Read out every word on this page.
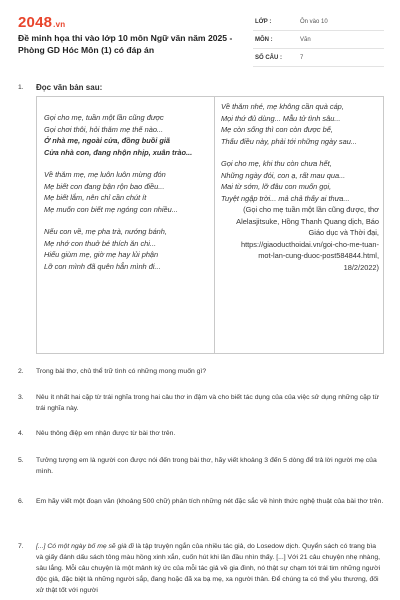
2048.vn
Đề minh họa thi vào lớp 10 môn Ngữ văn năm 2025 - Phòng GD Hóc Môn (1) có đáp án
LỚP :	Ôn vào 10
MÔN :	Văn
SỐ CÂU :	7
1. Đọc văn bản sau:
Gọi cho mẹ, tuần một lần cũng được
Gọi chơi thôi, hỏi thăm mẹ thế nào...
Ở nhà mẹ, ngoài cửa, đồng buồi giã
Cửa nhà con, đang nhộn nhịp, xuân trào...
Về thăm mẹ, mẹ luôn luôn mừng đón
Mẹ biết con đang bận rộn bao điều...
Mẹ biết lắm, nên chỉ cần chút ít
Mẹ muốn con biết mẹ ngóng con nhiều...
Nếu con về, mẹ pha trà, nướng bánh,
Mẹ nhớ con thuở bé thích ăn chi...
Hiểu giùm mẹ, giờ mẹ hay lủi phận
Lỡ con mình đã quên hẳn mình đi...
Về thăm nhé, mẹ không cần quà cáp,
Mọi thứ đủ dùng... Mẫu tử tình sâu...
Mẹ còn sống thì con còn được bế,
Thấu điều này, phải tới những ngày sau...
Gọi cho mẹ, khi thu còn chưa hết,
Những ngày đói, con ạ, rất mau qua...
Mai từ sớm, lỡ đâu con muốn gọi,
Tuyệt ngập trời... mả chả thấy ai thưa...
(Gọi cho mẹ tuần một lần cũng được, thơ Alelasjitsuke, Hồng Thanh Quang dịch, Báo Giáo dục và Thời đại, https://giaoducthoidai.vn/goi-cho-me-tuan-mot-lan-cung-duoc-post584844.html, 18/2/2022)
2. Trong bài thơ, chủ thể trữ tình có những mong muốn gì?
3. Nêu ít nhất hai cặp từ trái nghĩa trong hai câu thơ in đậm và cho biết tác dụng của của việc sử dụng những cặp từ trái nghĩa này.
4. Nêu thông điệp em nhận được từ bài thơ trên.
5. Tưởng tượng em là người con được nói đến trong bài thơ, hãy viết khoảng 3 đến 5 dòng để trả lời người mẹ của mình.
6. Em hãy viết một đoạn văn (khoảng 500 chữ) phân tích những nét đặc sắc về hình thức nghệ thuật của bài thơ trên.
7. [...] Có một ngày bố mẹ sẽ già đi là tập truyện ngắn của nhiều tác giả, do Losedow dịch. Quyển sách có trang bìa và giấy đánh dấu sách tông màu hồng xinh xắn, cuốn hút khi lần đầu nhìn thấy. [...] Với 21 câu chuyện nhẹ nhàng, sâu lắng. Mỗi câu chuyện là một mảnh ký ức của mỗi tác giả về gia đình, nó thật sự chạm tới trái tim những người độc giả, đặc biệt là những người sắp, đang hoặc đã xa bạ mẹ, xa người thân. Để chúng ta có thể yêu thương, đối xử thật tốt với người
